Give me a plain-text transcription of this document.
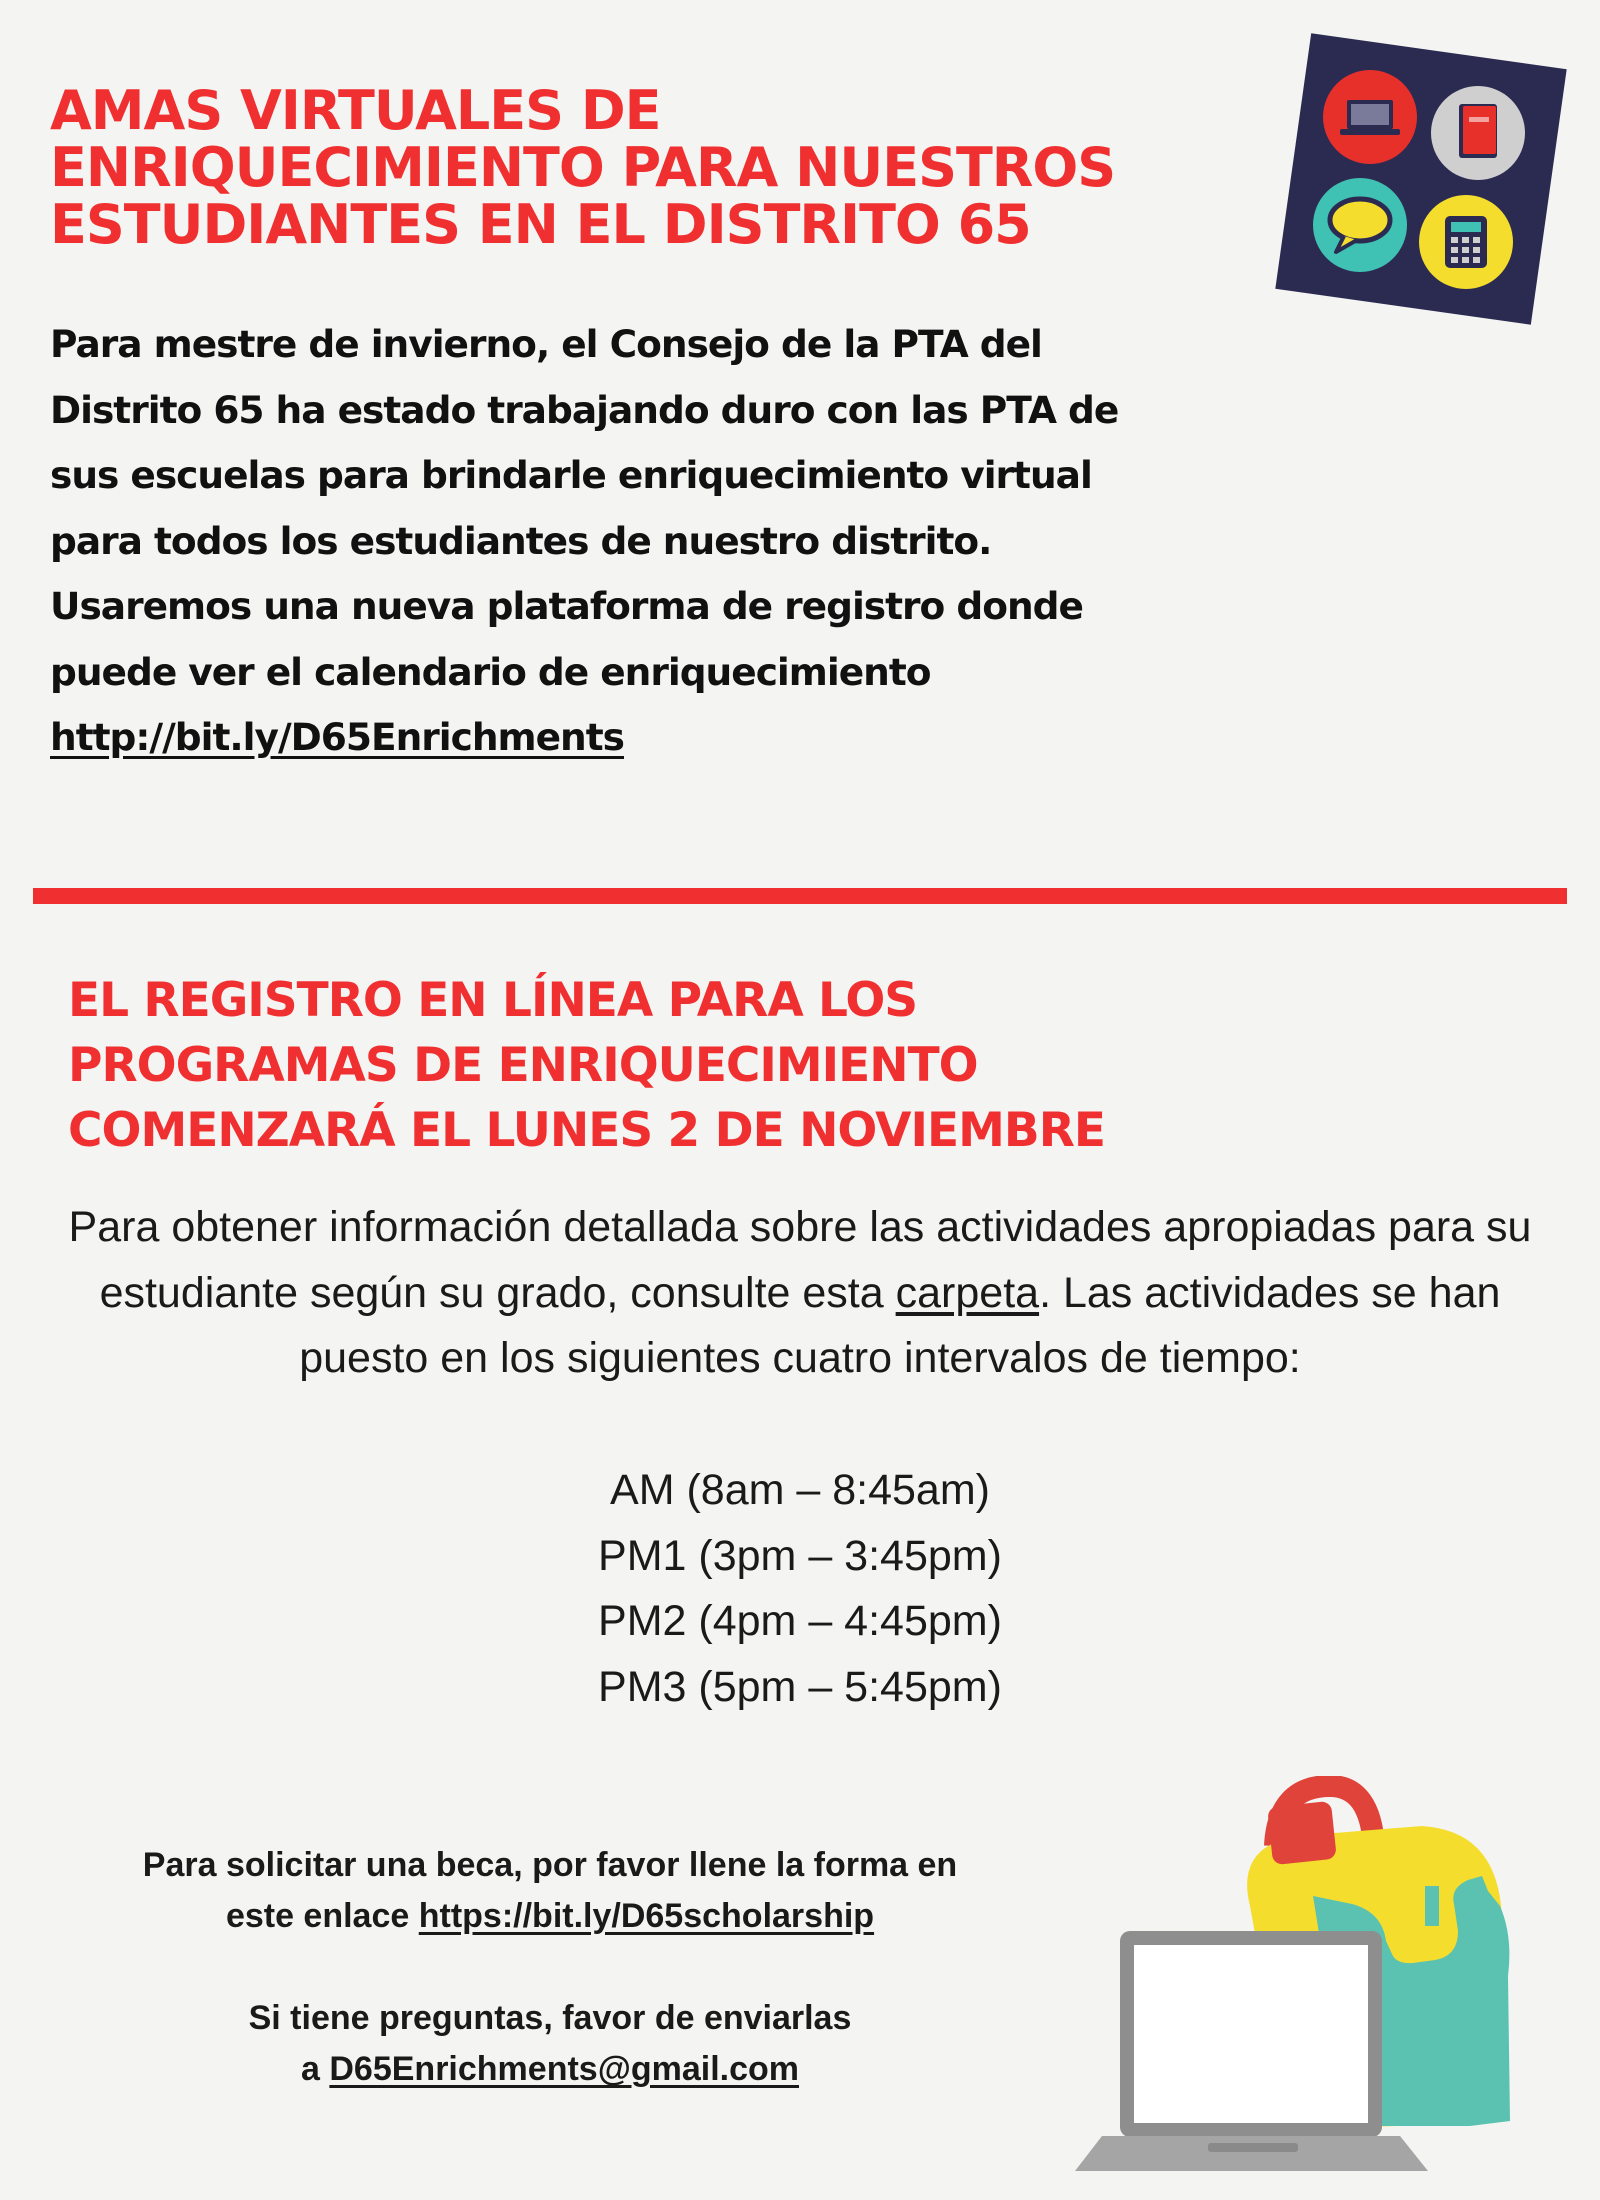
AMAS VIRTUALES DE
ENRIQUECIMIENTO PARA NUESTROS
ESTUDIANTES EN EL DISTRITO 65

Para mestre de invierno, el Consejo de la PTA del Distrito 65 ha estado trabajando duro con las PTA de sus escuelas para brindarle enriquecimiento virtual para todos los estudiantes de nuestro distrito. Usaremos una nueva plataforma de registro donde puede ver el calendario de enriquecimiento
http://bit.ly/D65Enrichments

EL REGISTRO EN LÍNEA PARA LOS
PROGRAMAS DE ENRIQUECIMIENTO
COMENZARÁ EL LUNES 2 DE NOVIEMBRE

Para obtener información detallada sobre las actividades apropiadas para su estudiante según su grado, consulte esta carpeta. Las actividades se han puesto en los siguientes cuatro intervalos de tiempo:

AM (8am – 8:45am)
PM1 (3pm – 3:45pm)
PM2 (4pm – 4:45pm)
PM3 (5pm – 5:45pm)

Para solicitar una beca, por favor llene la forma en
este enlace https://bit.ly/D65scholarship

Si tiene preguntas, favor de enviarlas
a D65Enrichments@gmail.com
